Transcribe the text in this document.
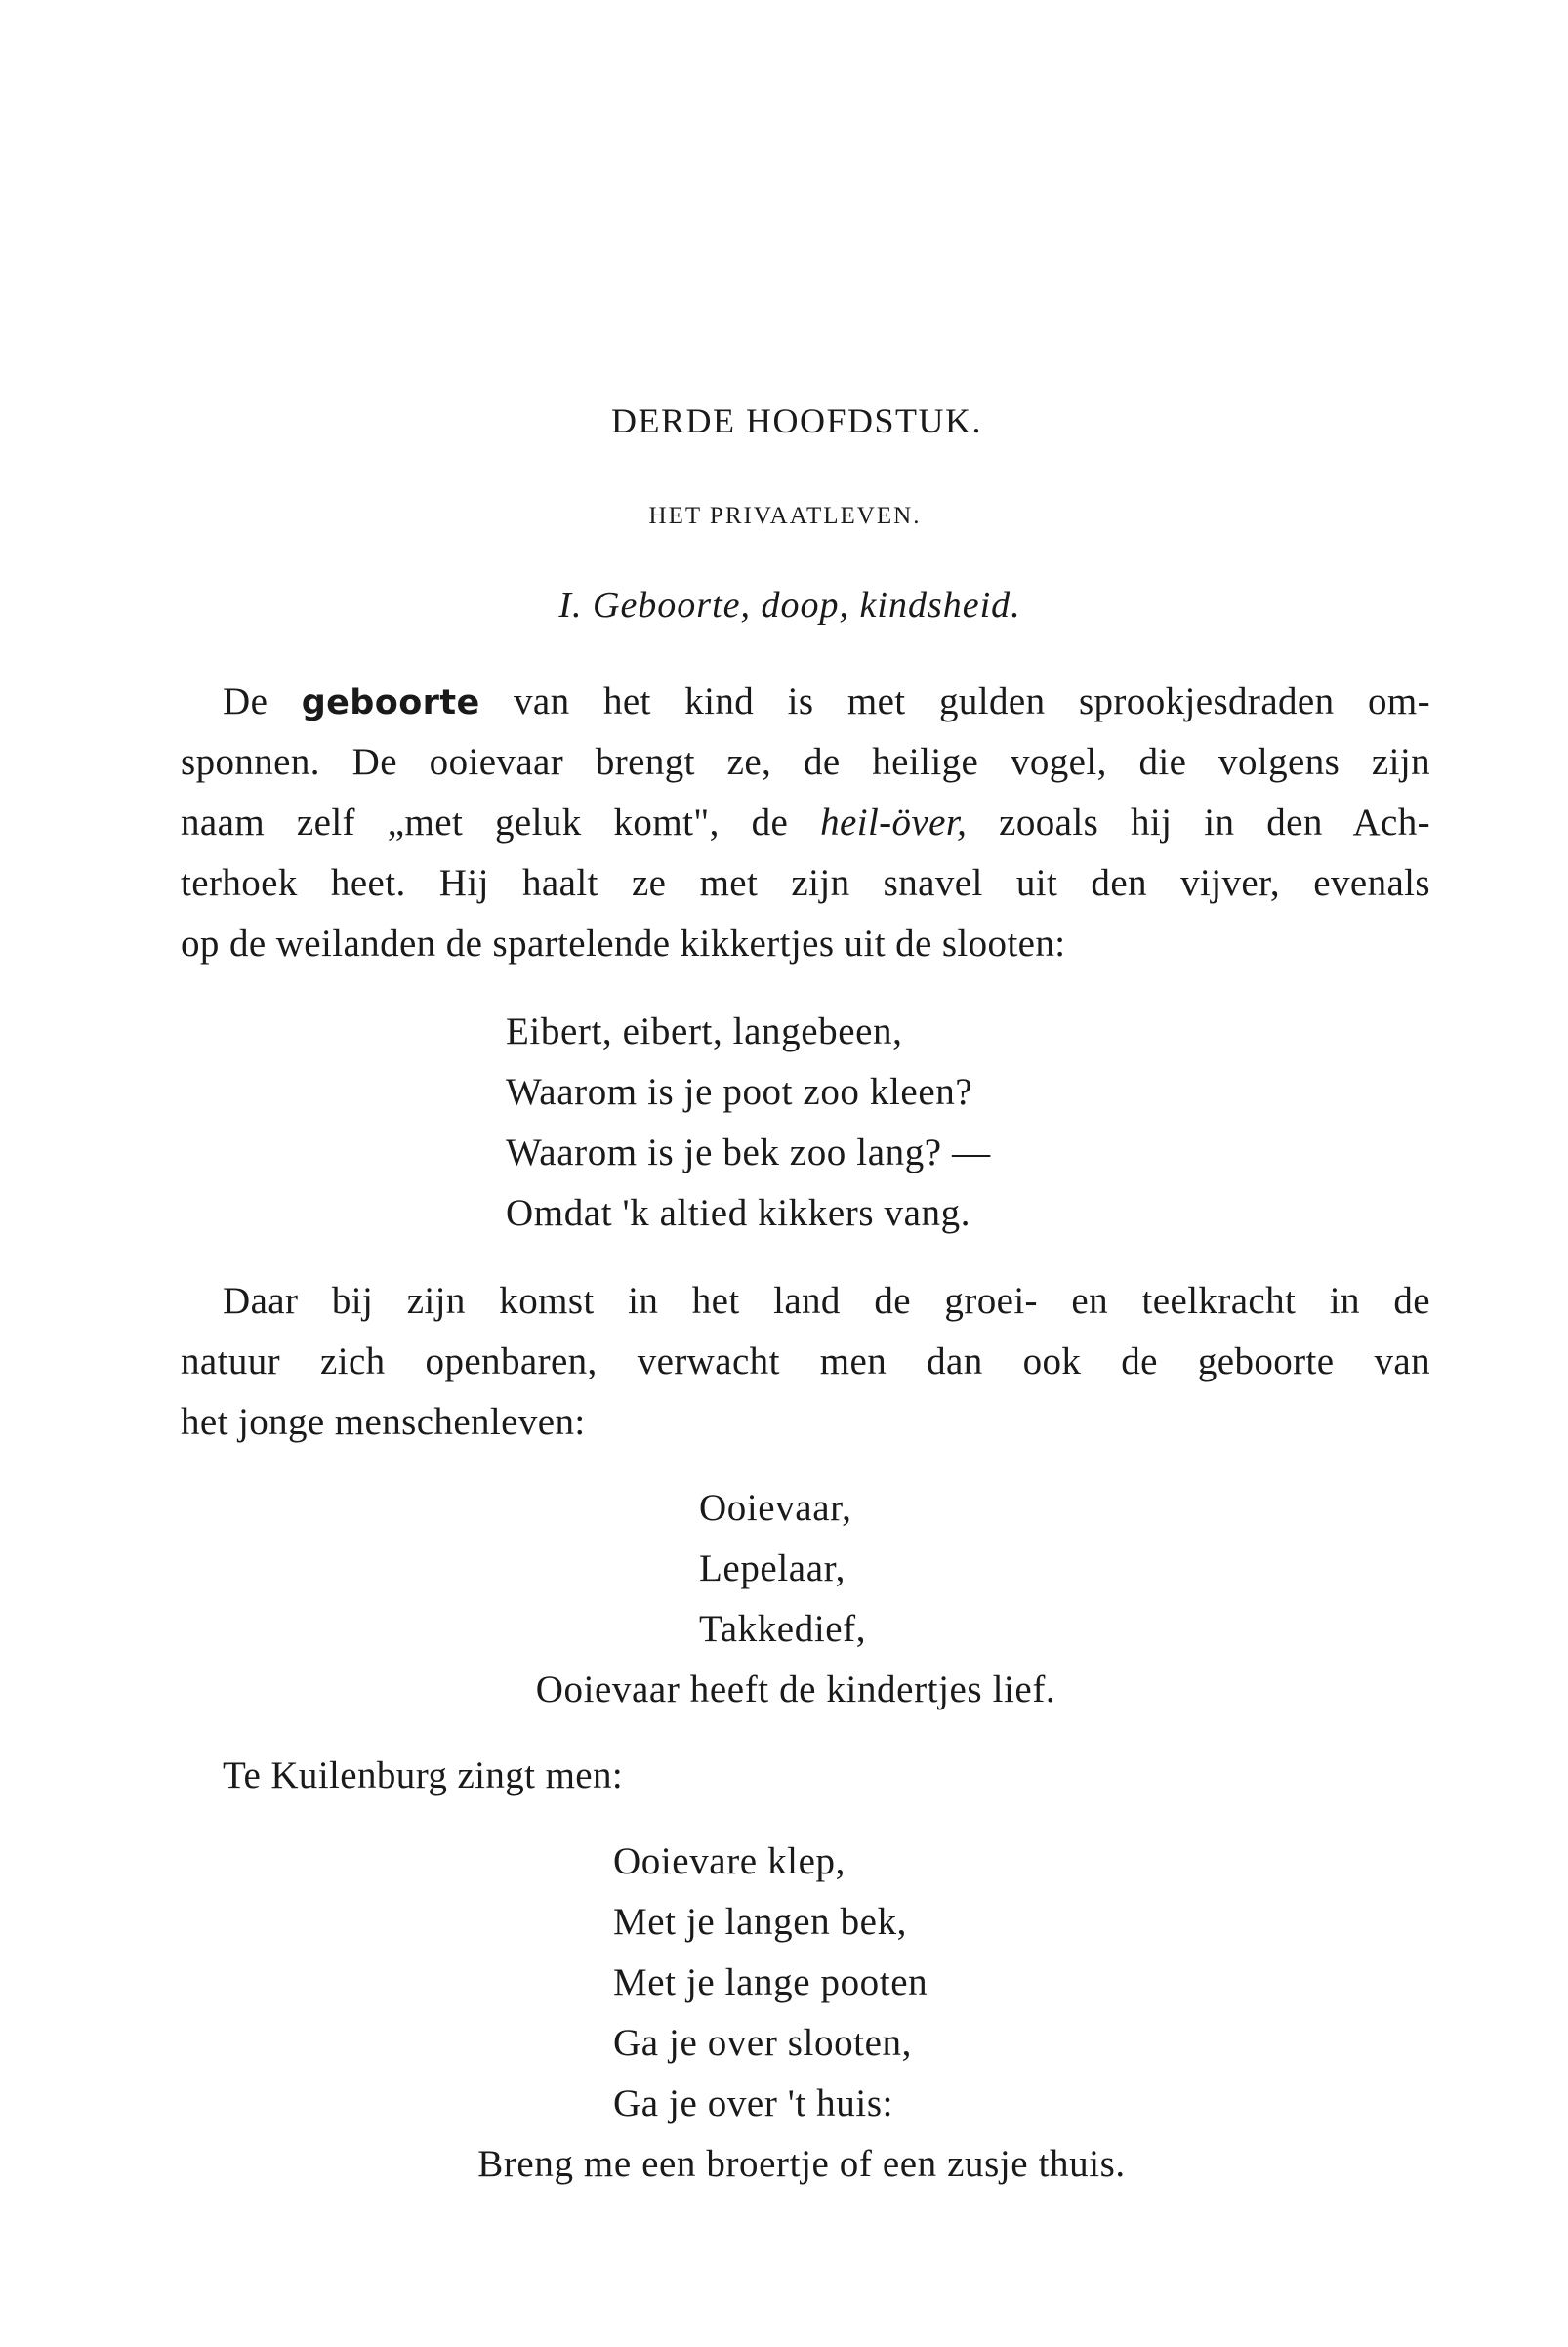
DERDE HOOFDSTUK.
HET PRIVAATLEVEN.
I. Geboorte, doop, kindsheid.
De geboorte van het kind is met gulden sprookjesdraden om-
sponnen. De ooievaar brengt ze, de heilige vogel, die volgens zijn
naam zelf „met geluk komt", de heil-över, zooals hij in den Ach-
terhoek heet. Hij haalt ze met zijn snavel uit den vijver, evenals
op de weilanden de spartelende kikkertjes uit de slooten:
Eibert, eibert, langebeen,
Waarom is je poot zoo kleen?
Waarom is je bek zoo lang? —
Omdat 'k altied kikkers vang.
Daar bij zijn komst in het land de groei- en teelkracht in de
natuur zich openbaren, verwacht men dan ook de geboorte van
het jonge menschenleven:
Ooievaar,
Lepelaar,
Takkedief,
Ooievaar heeft de kindertjes lief.
Te Kuilenburg zingt men:
Ooievare klep,
Met je langen bek,
Met je lange pooten
Ga je over slooten,
Ga je over 't huis:
Breng me een broertje of een zusje thuis.
